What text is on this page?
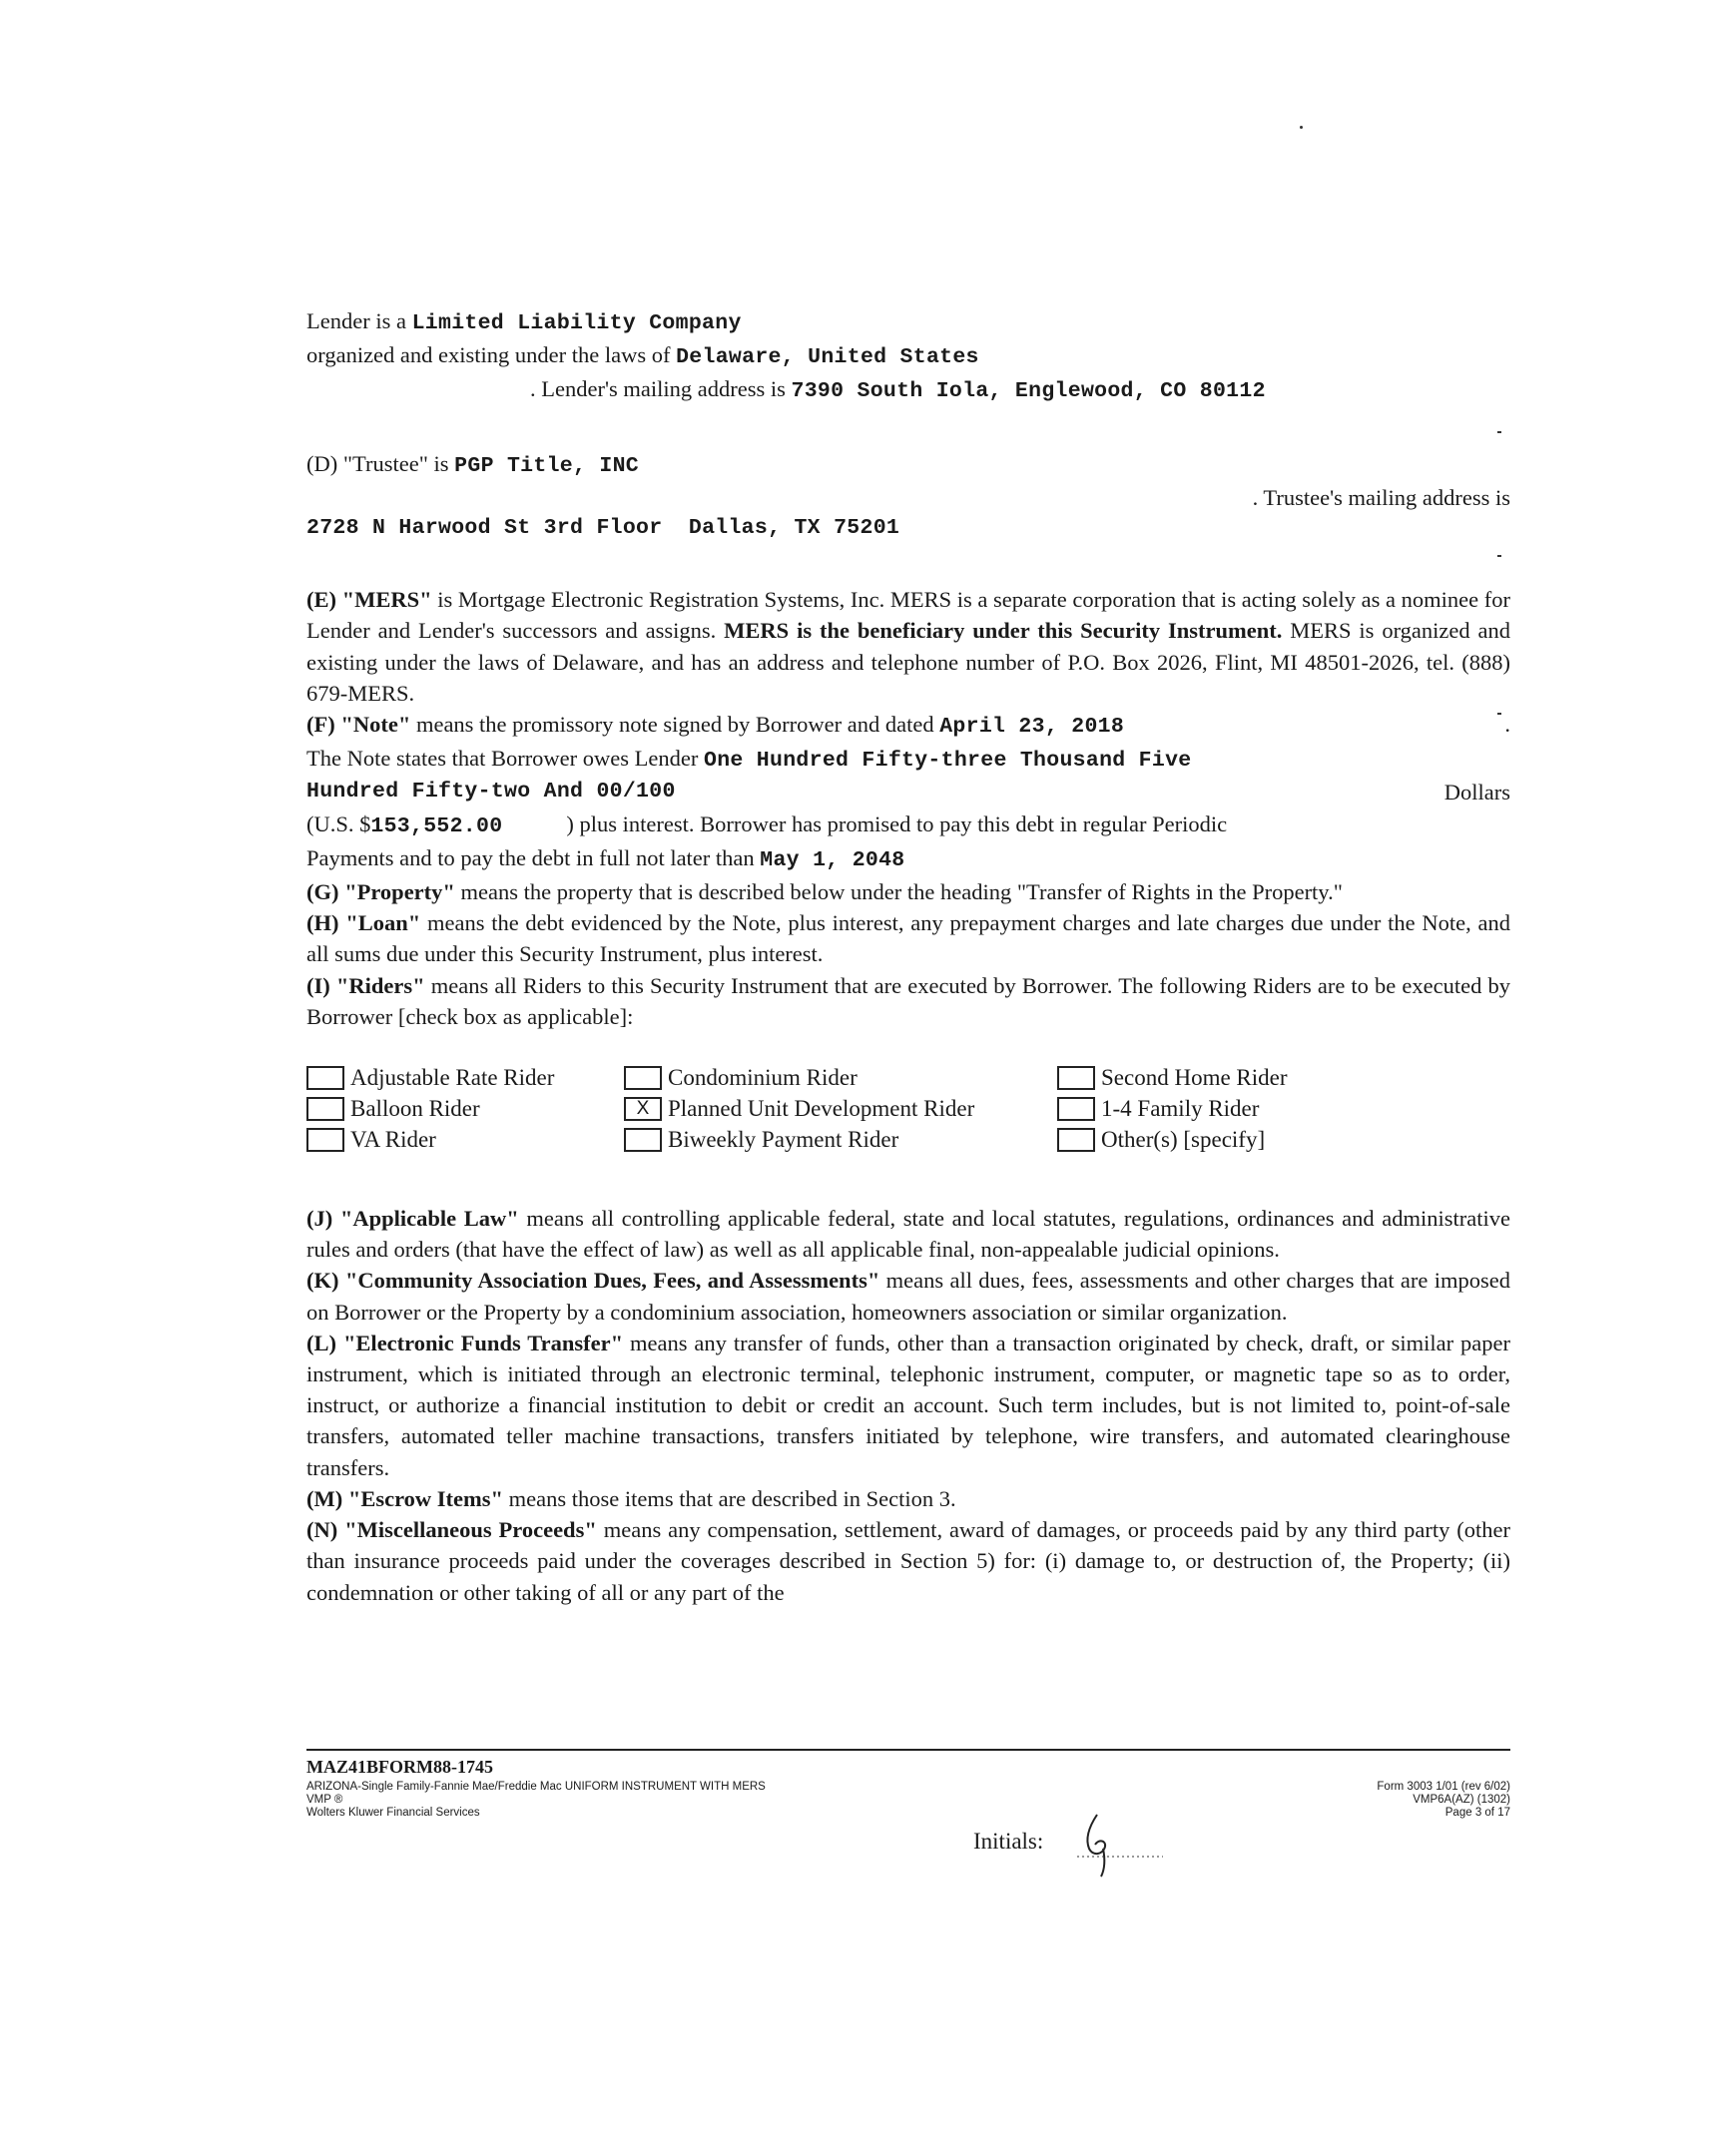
Lender is a Limited Liability Company
organized and existing under the laws of Delaware, United States
. Lender's mailing address is 7390 South Iola, Englewood, CO 80112
(D) "Trustee" is PGP Title, INC
. Trustee's mailing address is
2728 N Harwood St 3rd Floor  Dallas, TX 75201
(E) "MERS" is Mortgage Electronic Registration Systems, Inc. MERS is a separate corporation that is acting solely as a nominee for Lender and Lender's successors and assigns. MERS is the beneficiary under this Security Instrument. MERS is organized and existing under the laws of Delaware, and has an address and telephone number of P.O. Box 2026, Flint, MI 48501-2026, tel. (888) 679-MERS.
(F) "Note" means the promissory note signed by Borrower and dated April 23, 2018	.
The Note states that Borrower owes Lender One Hundred Fifty-three Thousand Five
Hundred Fifty-two And 00/100	Dollars
(U.S. $153,552.00	) plus interest. Borrower has promised to pay this debt in regular Periodic
Payments and to pay the debt in full not later than May 1, 2048
(G) "Property" means the property that is described below under the heading "Transfer of Rights in the Property."
(H) "Loan" means the debt evidenced by the Note, plus interest, any prepayment charges and late charges due under the Note, and all sums due under this Security Instrument, plus interest.
(I) "Riders" means all Riders to this Security Instrument that are executed by Borrower. The following Riders are to be executed by Borrower [check box as applicable]:
Adjustable Rate Rider	Condominium Rider	Second Home Rider
Balloon Rider	X Planned Unit Development Rider	1-4 Family Rider
VA Rider	Biweekly Payment Rider	Other(s) [specify]
(J) "Applicable Law" means all controlling applicable federal, state and local statutes, regulations, ordinances and administrative rules and orders (that have the effect of law) as well as all applicable final, non-appealable judicial opinions.
(K) "Community Association Dues, Fees, and Assessments" means all dues, fees, assessments and other charges that are imposed on Borrower or the Property by a condominium association, homeowners association or similar organization.
(L) "Electronic Funds Transfer" means any transfer of funds, other than a transaction originated by check, draft, or similar paper instrument, which is initiated through an electronic terminal, telephonic instrument, computer, or magnetic tape so as to order, instruct, or authorize a financial institution to debit or credit an account. Such term includes, but is not limited to, point-of-sale transfers, automated teller machine transactions, transfers initiated by telephone, wire transfers, and automated clearinghouse transfers.
(M) "Escrow Items" means those items that are described in Section 3.
(N) "Miscellaneous Proceeds" means any compensation, settlement, award of damages, or proceeds paid by any third party (other than insurance proceeds paid under the coverages described in Section 5) for: (i) damage to, or destruction of, the Property; (ii) condemnation or other taking of all or any part of the
MAZ41BFORM88-1745
ARIZONA-Single Family-Fannie Mae/Freddie Mac UNIFORM INSTRUMENT WITH MERS
VMP ®
Wolters Kluwer Financial Services
Form 3003 1/01 (rev 6/02)
VMP6A(AZ) (1302)
Page 3 of 17
Initials:
